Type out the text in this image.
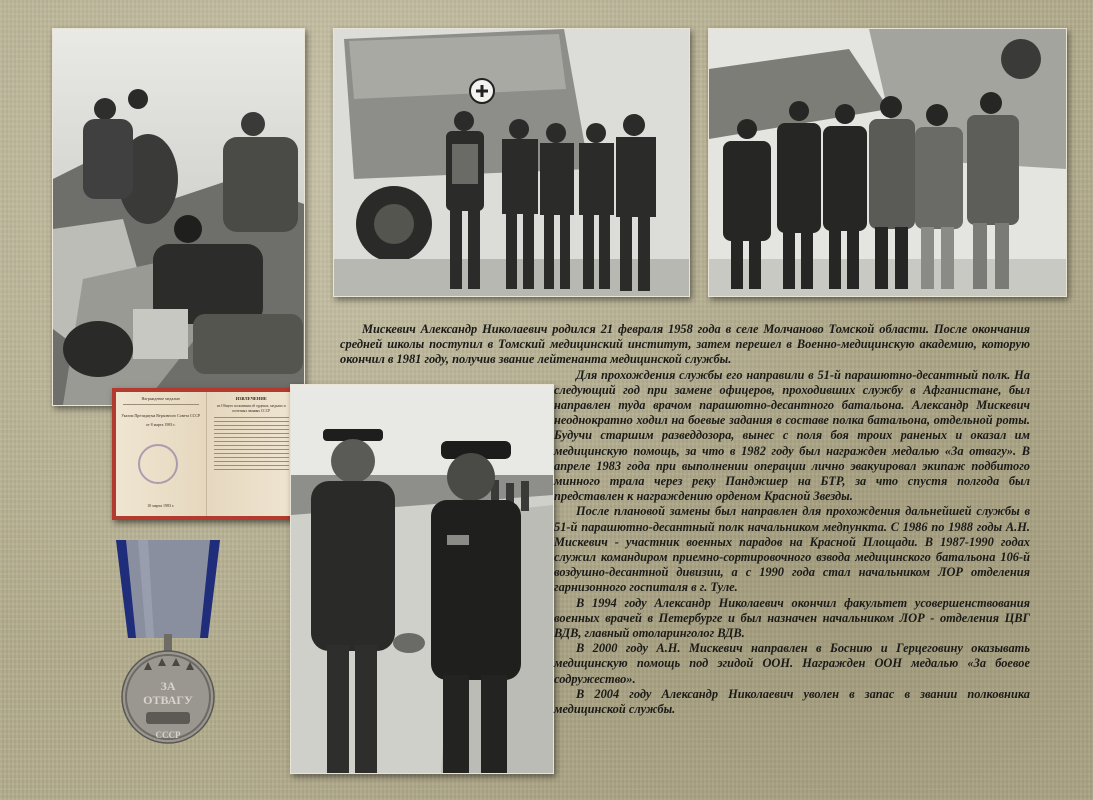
Награждение медалью
Указом Президиума Верховного Совета СССР
от 8 марта 1983 г.
10 марта 1983 г.
ИЗВЛЕЧЕНИЕ
из Общего положения об орденах, медалях и почетных званиях СССР
ЗА
ОТВАГУ
СССР

Мискевич Александр Николаевич родился 21 февраля 1958 года в селе Молчаново Томской области. После окончания средней школы поступил в Томский медицинский институт, затем перешел в Военно-медицинскую академию, которую окончил в 1981 году, получив звание лейтенанта медицинской службы.

Для прохождения службы его направили в 51-й парашютно-десантный полк. На следующий год при замене офицеров, проходивших службу в Афганистане, был направлен туда врачом парашютно-десантного батальона. Александр Мискевич неоднократно ходил на боевые задания в составе полка батальона, отдельной роты. Будучи старшим разведдозора, вынес с поля боя троих раненых и оказал им медицинскую помощь, за что в 1982 году был награжден медалью «За отвагу». В апреле 1983 года при выполнении операции лично эвакуировал экипаж подбитого минного трала через реку Панджшер на БТР, за что спустя полгода был представлен к награждению орденом Красной Звезды.

После плановой замены был направлен для прохождения дальнейшей службы в 51-й парашютно-десантный полк начальником медпункта. С 1986 по 1988 годы А.Н. Мискевич - участник военных парадов на Красной Площади. В 1987-1990 годах служил командиром приемно-сортировочного взвода медицинского батальона 106-й воздушно-десантной дивизии, а с 1990 года стал начальником ЛОР отделения гарнизонного госпиталя в г. Туле.

В 1994 году Александр Николаевич окончил факультет усовершенствования военных врачей в Петербурге и был назначен начальником ЛОР - отделения ЦВГ ВДВ, главный отоларинголог ВДВ.

В 2000 году А.Н. Мискевич направлен в Боснию и Герцеговину оказывать медицинскую помощь под эгидой ООН. Награжден ООН медалью «За боевое содружество».

В 2004 году Александр Николаевич уволен в запас в звании полковника медицинской службы.
